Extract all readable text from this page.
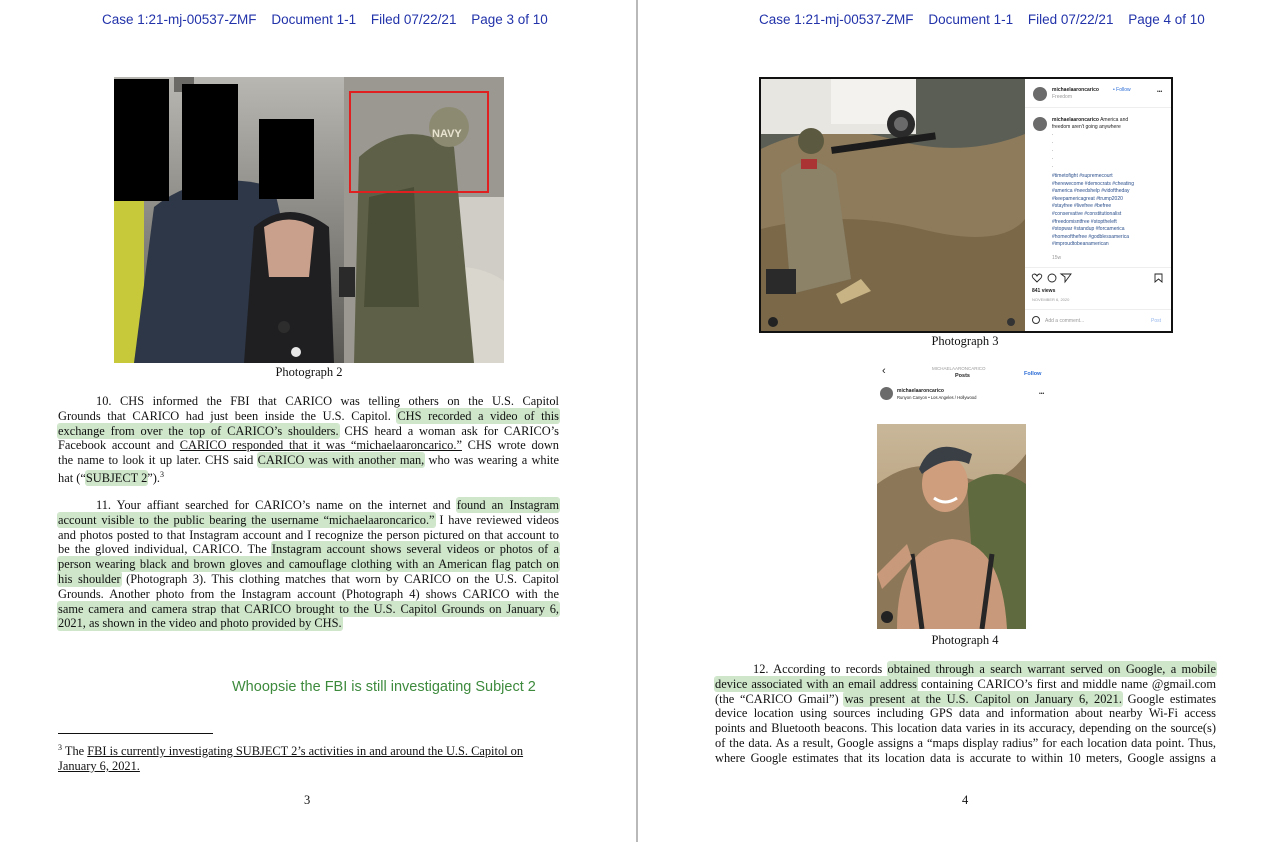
Case 1:21-mj-00537-ZMF Document 1-1 Filed 07/22/21 Page 3 of 10
NAVY
Photograph 2
10. CHS informed the FBI that CARICO was telling others on the U.S. Capitol
Grounds that CARICO had just been inside the U.S. Capitol. CHS recorded a video of this
exchange from over the top of CARICO’s shoulders. CHS heard a woman ask for CARICO’s
Facebook account and CARICO responded that it was “michaelaaroncarico.” CHS wrote down
the name to look it up later. CHS said CARICO was with another man, who was wearing a white
hat (“SUBJECT 2”).$^3$
11. Your affiant searched for CARICO’s name on the internet and found an Instagram
account visible to the public bearing the username “michaelaaroncarico.” I have reviewed videos
and photos posted to that Instagram account and I recognize the person pictured on that account to
be the gloved individual, CARICO. The Instagram account shows several videos or photos of a
person wearing black and brown gloves and camouflage clothing with an American flag patch on
his shoulder (Photograph 3). This clothing matches that worn by CARICO on the U.S. Capitol
Grounds. Another photo from the Instagram account (Photograph 4) shows CARICO with the
same camera and camera strap that CARICO brought to the U.S. Capitol Grounds on January 6,
2021, as shown in the video and photo provided by CHS.
Whoopsie the FBI is still investigating Subject 2
$^3$ The FBI is currently investigating SUBJECT 2’s activities in and around the U.S. Capitol on
January 6, 2021.
3
Case 1:21-mj-00537-ZMF Document 1-1 Filed 07/22/21 Page 4 of 10
michaelaaroncarico	• Follow
Freedom
•••
michaelaaroncarico America and
freedom aren't going anywhere
.
.
.
.
.
#timetofight #supremecourt
#herewecome #democrats #cheating
#america #needshelp #vidoftheday
#keepamericagreat #trump2020
#stayfree #livefree #befree
#conservative #constitutionalist
#freedomisntfree #stoptheleft
#stopwar #standup #forcamerica
#homeofthefree #godblessamerica
#improudtobeanamerican
15w
841 views
NOVEMBER 6, 2020
Add a comment...	Post
Photograph 3
‹	MICHAELAARONCARICO
Posts	Follow
michaelaaroncarico
Runyon Canyon • Los Angeles / Hollywood
•••
Photograph 4
12. According to records obtained through a search warrant served on Google, a mobile
device associated with an email address containing CARICO’s first and middle name @gmail.com
(the “CARICO Gmail”) was present at the U.S. Capitol on January 6, 2021. Google estimates
device location using sources including GPS data and information about nearby Wi-Fi access
points and Bluetooth beacons. This location data varies in its accuracy, depending on the source(s)
of the data. As a result, Google assigns a “maps display radius” for each location data point. Thus,
where Google estimates that its location data is accurate to within 10 meters, Google assigns a
4
